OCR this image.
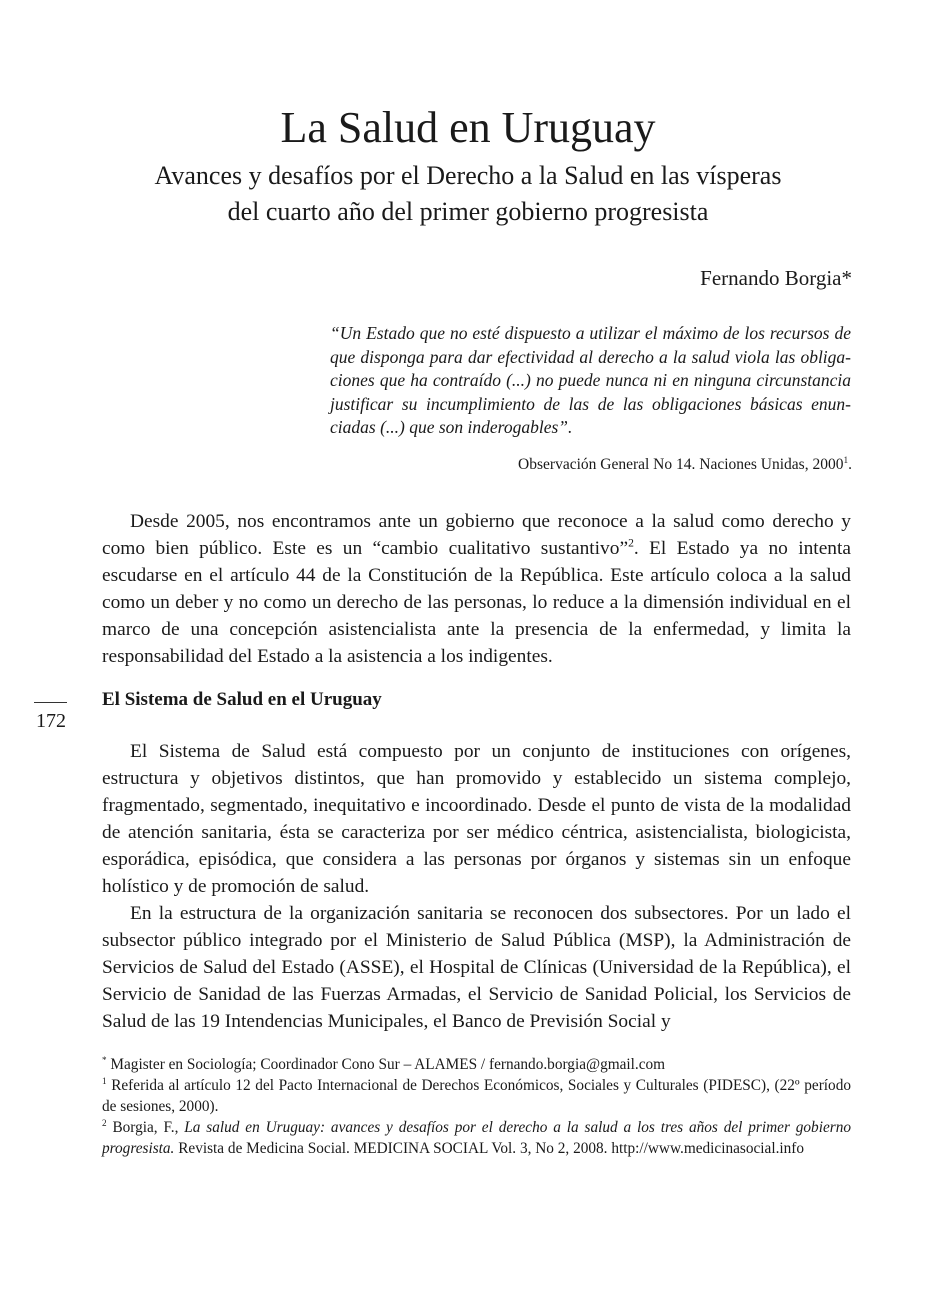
La Salud en Uruguay
Avances y desafíos por el Derecho a la Salud en las vísperas
del cuarto año del primer gobierno progresista
Fernando Borgia*
“Un Estado que no esté dispuesto a utilizar el máximo de los recursos de que disponga para dar efectividad al derecho a la salud viola las obligaciones que ha contraído (...) no puede nunca ni en ninguna circunstancia justificar su incumplimiento de las de las obligaciones básicas enunciadas (...) que son inderogables”.
Observación General No 14. Naciones Unidas, 2000$^1$.

Desde 2005, nos encontramos ante un gobierno que reconoce a la salud como derecho y como bien público. Este es un “cambio cualitativo sustantivo”$^2$. El Estado ya no intenta escudarse en el artículo 44 de la Constitución de la República. Este artículo coloca a la salud como un deber y no como un derecho de las personas, lo reduce a la dimensión individual en el marco de una concepción asistencialista ante la presencia de la enfermedad, y limita la responsabilidad del Estado a la asistencia a los indigentes.

172
El Sistema de Salud en el Uruguay

El Sistema de Salud está compuesto por un conjunto de instituciones con orígenes, estructura y objetivos distintos, que han promovido y establecido un sistema complejo, fragmentado, segmentado, inequitativo e incoordinado. Desde el punto de vista de la modalidad de atención sanitaria, ésta se caracteriza por ser médico céntrica, asistencialista, biologicista, esporádica, episódica, que considera a las personas por órganos y sistemas sin un enfoque holístico y de promoción de salud.

En la estructura de la organización sanitaria se reconocen dos subsectores. Por un lado el subsector público integrado por el Ministerio de Salud Pública (MSP), la Administración de Servicios de Salud del Estado (ASSE), el Hospital de Clínicas (Universidad de la República), el Servicio de Sanidad de las Fuerzas Armadas, el Servicio de Sanidad Policial, los Servicios de Salud de las 19 Intendencias Municipales, el Banco de Previsión Social y

* Magister en Sociología; Coordinador Cono Sur – ALAMES / fernando.borgia@gmail.com

$^1$ Referida al artículo 12 del Pacto Internacional de Derechos Económicos, Sociales y Culturales (PIDESC), (22º período de sesiones, 2000).

$^2$ Borgia, F., La salud en Uruguay: avances y desafíos por el derecho a la salud a los tres años del primer gobierno progresista. Revista de Medicina Social. MEDICINA SOCIAL Vol. 3, No 2, 2008. http://www.medicinasocial.info
